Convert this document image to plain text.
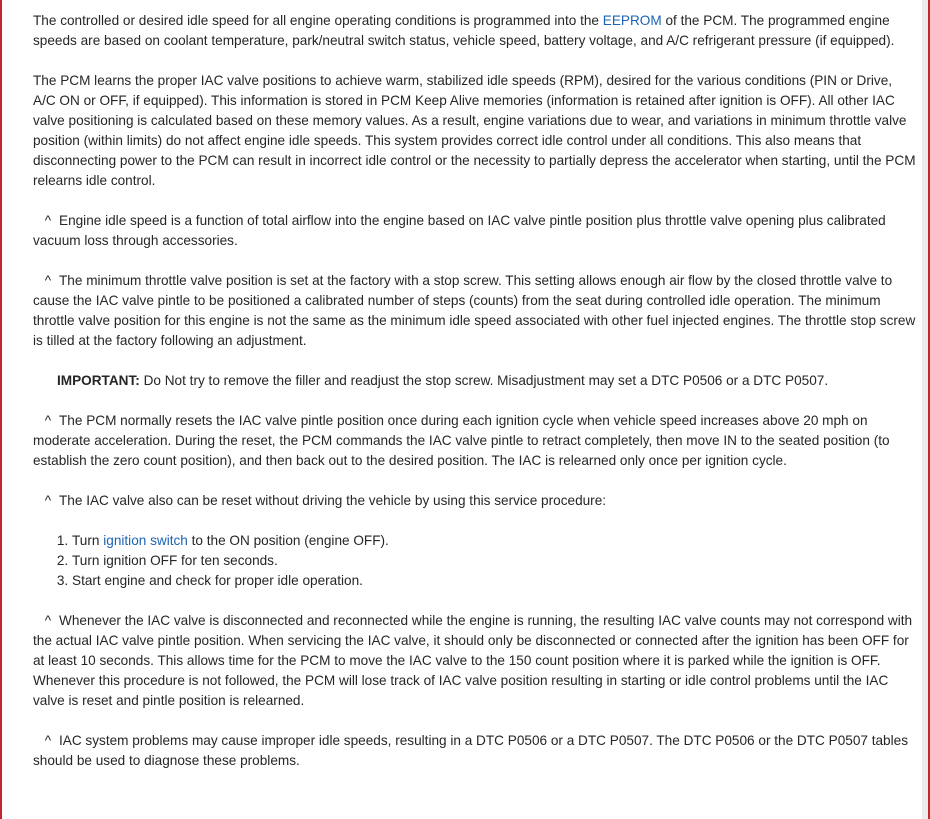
The controlled or desired idle speed for all engine operating conditions is programmed into the EEPROM of the PCM. The programmed engine speeds are based on coolant temperature, park/neutral switch status, vehicle speed, battery voltage, and A/C refrigerant pressure (if equipped).

The PCM learns the proper IAC valve positions to achieve warm, stabilized idle speeds (RPM), desired for the various conditions (PIN or Drive, A/C ON or OFF, if equipped). This information is stored in PCM Keep Alive memories (information is retained after ignition is OFF). All other IAC valve positioning is calculated based on these memory values. As a result, engine variations due to wear, and variations in minimum throttle valve position (within limits) do not affect engine idle speeds. This system provides correct idle control under all conditions. This also means that disconnecting power to the PCM can result in incorrect idle control or the necessity to partially depress the accelerator when starting, until the PCM relearns idle control.

^ Engine idle speed is a function of total airflow into the engine based on IAC valve pintle position plus throttle valve opening plus calibrated vacuum loss through accessories.

^ The minimum throttle valve position is set at the factory with a stop screw. This setting allows enough air flow by the closed throttle valve to cause the IAC valve pintle to be positioned a calibrated number of steps (counts) from the seat during controlled idle operation. The minimum throttle valve position for this engine is not the same as the minimum idle speed associated with other fuel injected engines. The throttle stop screw is tilled at the factory following an adjustment.

IMPORTANT: Do Not try to remove the filler and readjust the stop screw. Misadjustment may set a DTC P0506 or a DTC P0507.

^ The PCM normally resets the IAC valve pintle position once during each ignition cycle when vehicle speed increases above 20 mph on moderate acceleration. During the reset, the PCM commands the IAC valve pintle to retract completely, then move IN to the seated position (to establish the zero count position), and then back out to the desired position. The IAC is relearned only once per ignition cycle.

^ The IAC valve also can be reset without driving the vehicle by using this service procedure:

1. Turn ignition switch to the ON position (engine OFF).
2. Turn ignition OFF for ten seconds.
3. Start engine and check for proper idle operation.

^ Whenever the IAC valve is disconnected and reconnected while the engine is running, the resulting IAC valve counts may not correspond with the actual IAC valve pintle position. When servicing the IAC valve, it should only be disconnected or connected after the ignition has been OFF for at least 10 seconds. This allows time for the PCM to move the IAC valve to the 150 count position where it is parked while the ignition is OFF. Whenever this procedure is not followed, the PCM will lose track of IAC valve position resulting in starting or idle control problems until the IAC valve is reset and pintle position is relearned.

^ IAC system problems may cause improper idle speeds, resulting in a DTC P0506 or a DTC P0507. The DTC P0506 or the DTC P0507 tables should be used to diagnose these problems.
